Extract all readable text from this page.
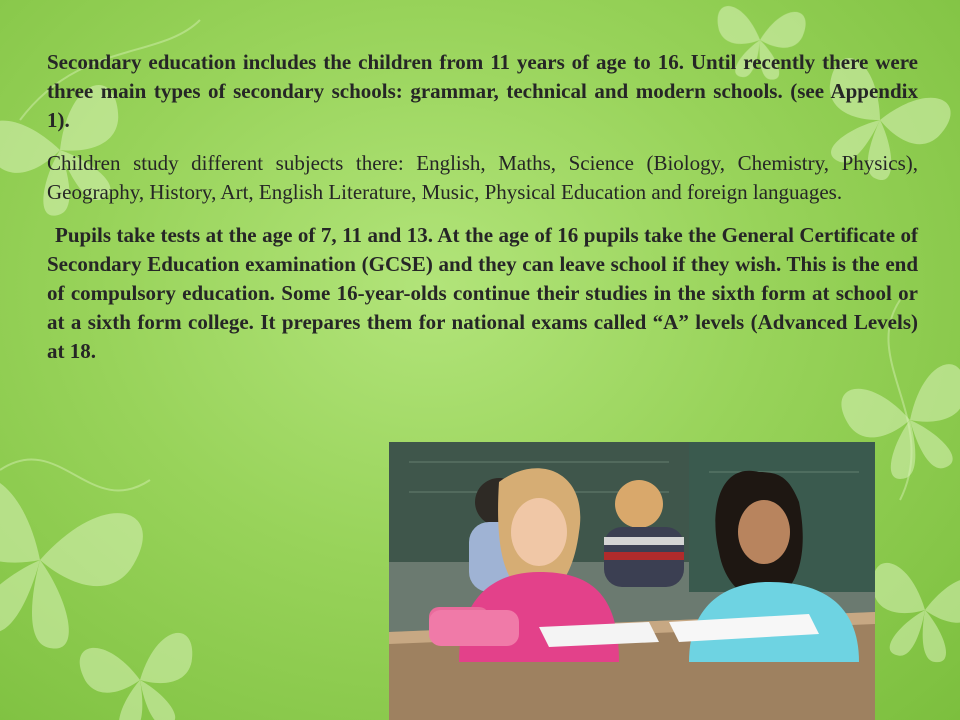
Secondary education includes the children from 11 years of age to 16. Until recently there were three main types of secondary schools: grammar, technical and modern schools. (see Appendix 1).

Children study different subjects there: English, Maths, Science (Biology, Chemistry, Physics), Geography, History, Art, English Literature, Music, Physical Education and foreign languages.

Pupils take tests at the age of 7, 11 and 13. At the age of 16 pupils take the General Certificate of Secondary Education examination (GCSE) and they can leave school if they wish. This is the end of compulsory education. Some 16-year-olds continue their studies in the sixth form at school or at a sixth form college. It prepares them for national exams called “A” levels (Advanced Levels) at 18.
